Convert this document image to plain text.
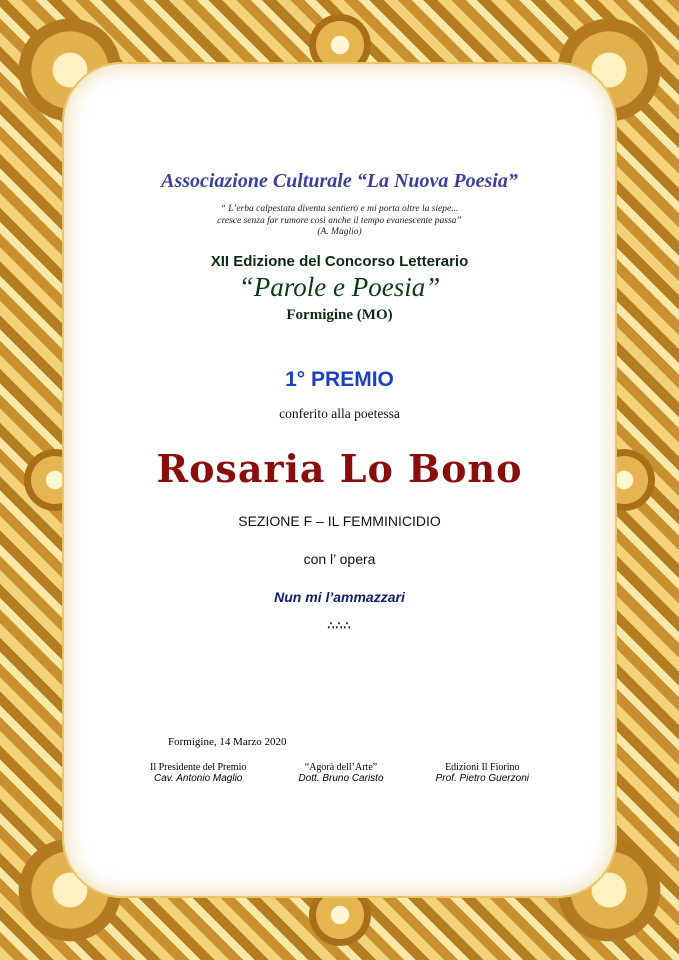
Associazione Culturale “La Nuova Poesia”

“ L’erba calpestata diventa sentiero e mi porta oltre la siepe...

cresce senza far rumore così anche il tempo evanescente passa”

(A. Maglio)

XII Edizione del Concorso Letterario

“Parole e Poesia”

Formigine (MO)

1° PREMIO

conferito alla poetessa

Rosaria Lo Bono

SEZIONE F – IL FEMMINICIDIO

con l’ opera

Nun mi l’ammazzari

∴∴∴

Formigine, 14 Marzo 2020
Il Presidente del Premio
Cav. Antonio Maglio
“Agorà dell’Arte”
Dott. Bruno Caristo
Edizioni Il Fiorino
Prof. Pietro Guerzoni
